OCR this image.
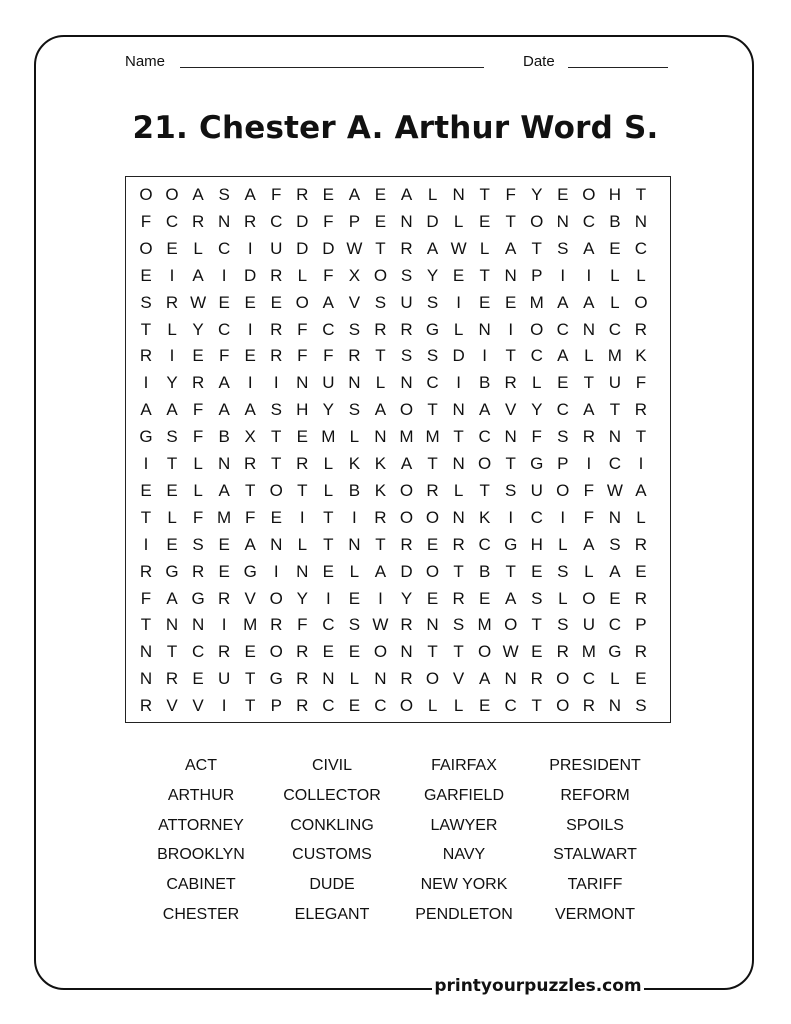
Name	Date
21. Chester A. Arthur Word S.
O O A S A F R E A E A L N T F Y E O H T
F C R N R C D F P E N D L E T O N C B N
O E L C	I	U D D W T R A W L A T S A E C
E	I	A	I	D R L F X O S Y E T N P	I	I	L L
S R W E E E O A V S U S	I	E E M A A L O
T L Y C	I	R F C S R R G L N	I	O C N C R
R	I	E F E R F F R T S S D	I	T C A L M K
I	Y R A	I	I	N U N L N C	I	B R L E T U F
A A F A A S H Y S A O T N A V Y C A T R
G S F B X T E M L N M M T C N F S R N T
I	T L N R T R L K K A T N O T G P	I	C	I
E E L A T O T L B K O R L T S U O F W A
T L F M F E	I	T	I	R O O N K	I	C	I	F N L
I	E S E A N L T N T R E R C G H L A S R
R G R E G	I	N E L A D O T B T E S L A E
F A G R V O Y	I	E	I	Y E R E A S L O E R
T N N	I M R F C S W R N S M O T S U C P
N T C R E O R E E O N T T O W E R M G R
N R E U T G R N L N R O V A N R O C L E
R V V	I	T P R C E C O L L E C T O R N S
ACT	CIVIL	FAIRFAX	PRESIDENT
ARTHUR	COLLECTOR	GARFIELD	REFORM
ATTORNEY	CONKLING	LAWYER	SPOILS
BROOKLYN	CUSTOMS	NAVY	STALWART
CABINET	DUDE	NEW YORK	TARIFF
CHESTER	ELEGANT	PENDLETON	VERMONT
printyourpuzzles.com
